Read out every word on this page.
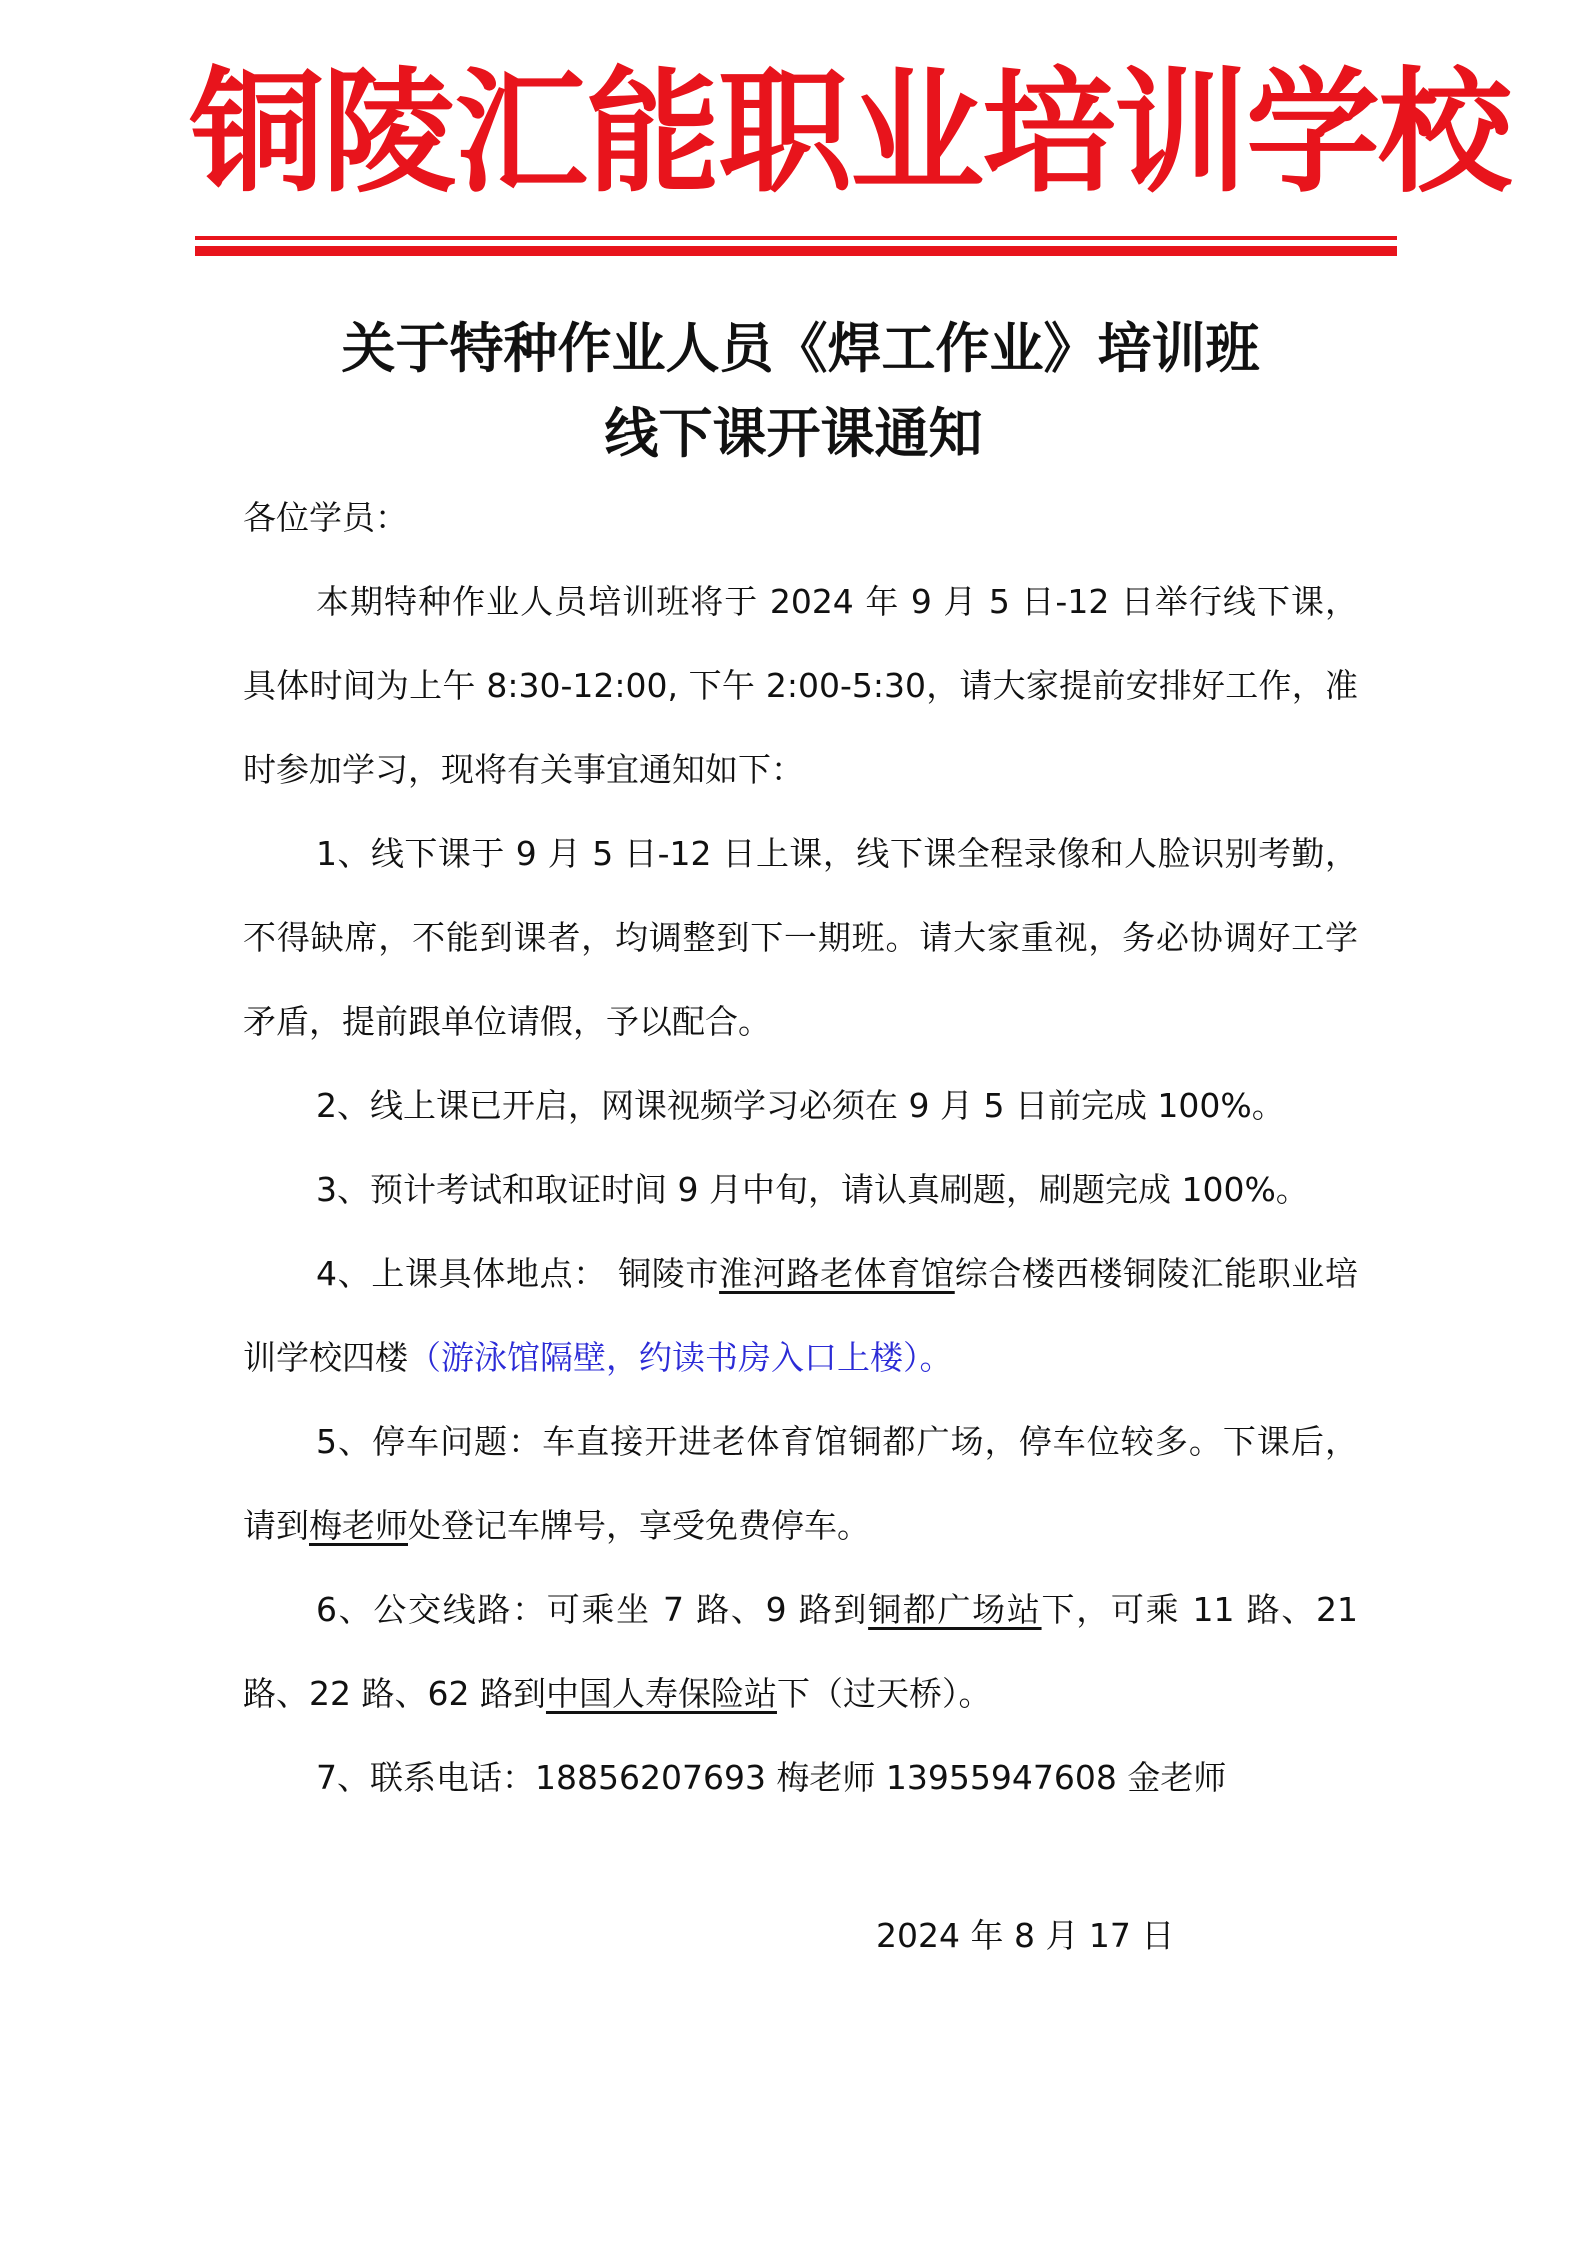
铜陵汇能职业培训学校
关于特种作业人员《焊工作业》培训班
线下课开课通知

各位学员：

本期特种作业人员培训班将于 2024 年 9 月 5 日-12 日举行线下课，具体时间为上午 8:30-12:00, 下午 2:00-5:30，请大家提前安排好工作，准时参加学习，现将有关事宜通知如下：

1、线下课于 9 月 5 日-12 日上课，线下课全程录像和人脸识别考勤，不得缺席，不能到课者，均调整到下一期班。请大家重视，务必协调好工学矛盾，提前跟单位请假，予以配合。

2、线上课已开启，网课视频学习必须在 9 月 5 日前完成 100%。

3、预计考试和取证时间 9 月中旬，请认真刷题，刷题完成 100%。

4、上课具体地点： 铜陵市淮河路老体育馆综合楼西楼铜陵汇能职业培训学校四楼（游泳馆隔壁，约读书房入口上楼）。

5、停车问题：车直接开进老体育馆铜都广场，停车位较多。下课后，请到梅老师处登记车牌号，享受免费停车。

6、公交线路：可乘坐 7 路、9 路到铜都广场站下，可乘 11 路、21 路、22 路、62 路到中国人寿保险站下（过天桥）。

7、联系电话：18856207693 梅老师 13955947608 金老师

2024 年 8 月 17 日
